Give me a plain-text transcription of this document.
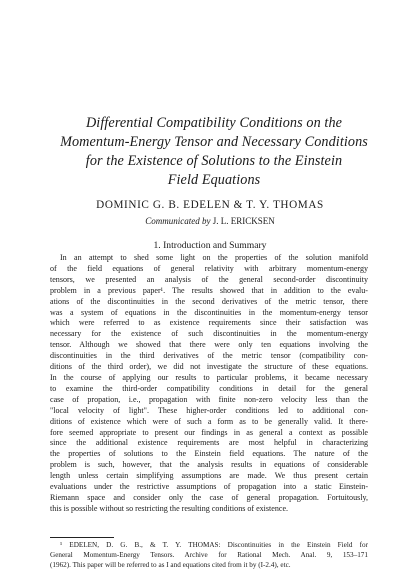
Differential Compatibility Conditions on the
Momentum-Energy Tensor and Necessary Conditions
for the Existence of Solutions to the Einstein
Field Equations
DOMINIC G. B. EDELEN & T. Y. THOMAS
Communicated by J. L. ERICKSEN
1. Introduction and Summary
In an attempt to shed some light on the properties of the solution manifold
of the field equations of general relativity with arbitrary momentum-energy
tensors, we presented an analysis of the general second-order discontinuity
problem in a previous paper¹. The results showed that in addition to the evalu-
ations of the discontinuities in the second derivatives of the metric tensor, there
was a system of equations in the discontinuities in the momentum-energy tensor
which were referred to as existence requirements since their satisfaction was
necessary for the existence of such discontinuities in the momentum-energy
tensor. Although we showed that there were only ten equations involving the
discontinuities in the third derivatives of the metric tensor (compatibility con-
ditions of the third order), we did not investigate the structure of these equations.
In the course of applying our results to particular problems, it became necessary
to examine the third-order compatibility conditions in detail for the general
case of propation, i.e., propagation with finite non-zero velocity less than the
"local velocity of light". These higher-order conditions led to additional con-
ditions of existence which were of such a form as to be generally valid. It there-
fore seemed appropriate to present our findings in as general a context as possible
since the additional existence requirements are most helpful in characterizing
the properties of solutions to the Einstein field equations. The nature of the
problem is such, however, that the analysis results in equations of considerable
length unless certain simplifying assumptions are made. We thus present certain
evaluations under the restrictive assumptions of propagation into a static Einstein-
Riemann space and consider only the case of general propagation. Fortuitously,
this is possible without so restricting the resulting conditions of existence.
¹ EDELEN, D. G. B., & T. Y. THOMAS: Discontinuities in the Einstein Field for
General Momentum-Energy Tensors. Archive for Rational Mech. Anal. 9, 153–171
(1962). This paper will be referred to as I and equations cited from it by (I-2.4), etc.
